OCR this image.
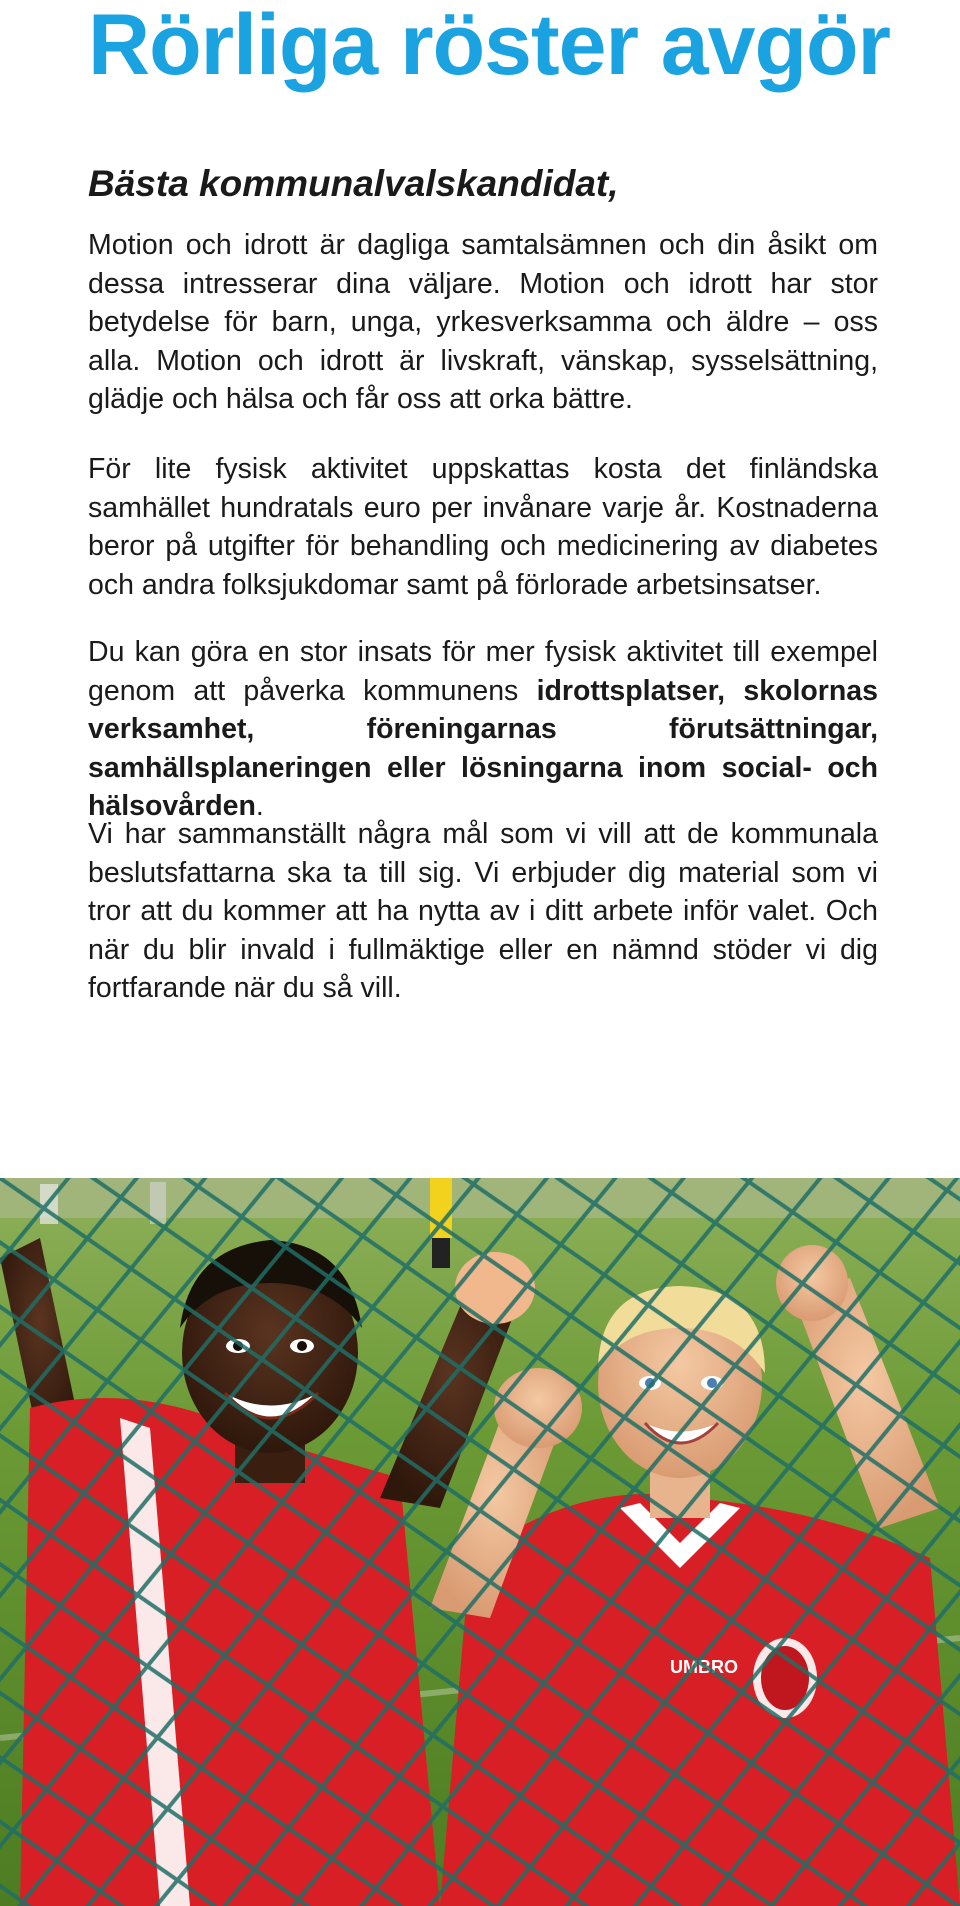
Rörliga röster avgör
Bästa kommunalvalskandidat,

Motion och idrott är dagliga samtalsämnen och din åsikt om dessa intresserar dina väljare. Motion och idrott har stor betydelse för barn, unga, yrkesverksamma och äldre – oss alla. Motion och idrott är livskraft, vänskap, sysselsättning, glädje och hälsa och får oss att orka bättre.

För lite fysisk aktivitet uppskattas kosta det finländska samhället hundratals euro per invånare varje år. Kostnaderna beror på utgifter för behandling och medicinering av diabetes och andra folksjukdomar samt på förlorade arbetsinsatser.

Du kan göra en stor insats för mer fysisk aktivitet till exempel genom att påverka kommunens idrottsplatser, skolornas verksamhet, föreningarnas förutsättningar, samhällsplaneringen eller lösningarna inom social- och hälsovården.

Vi har sammanställt några mål som vi vill att de kommunala beslutsfattarna ska ta till sig. Vi erbjuder dig material som vi tror att du kommer att ha nytta av i ditt arbete inför valet. Och när du blir invald i fullmäktige eller en nämnd stöder vi dig fortfarande när du så vill.
